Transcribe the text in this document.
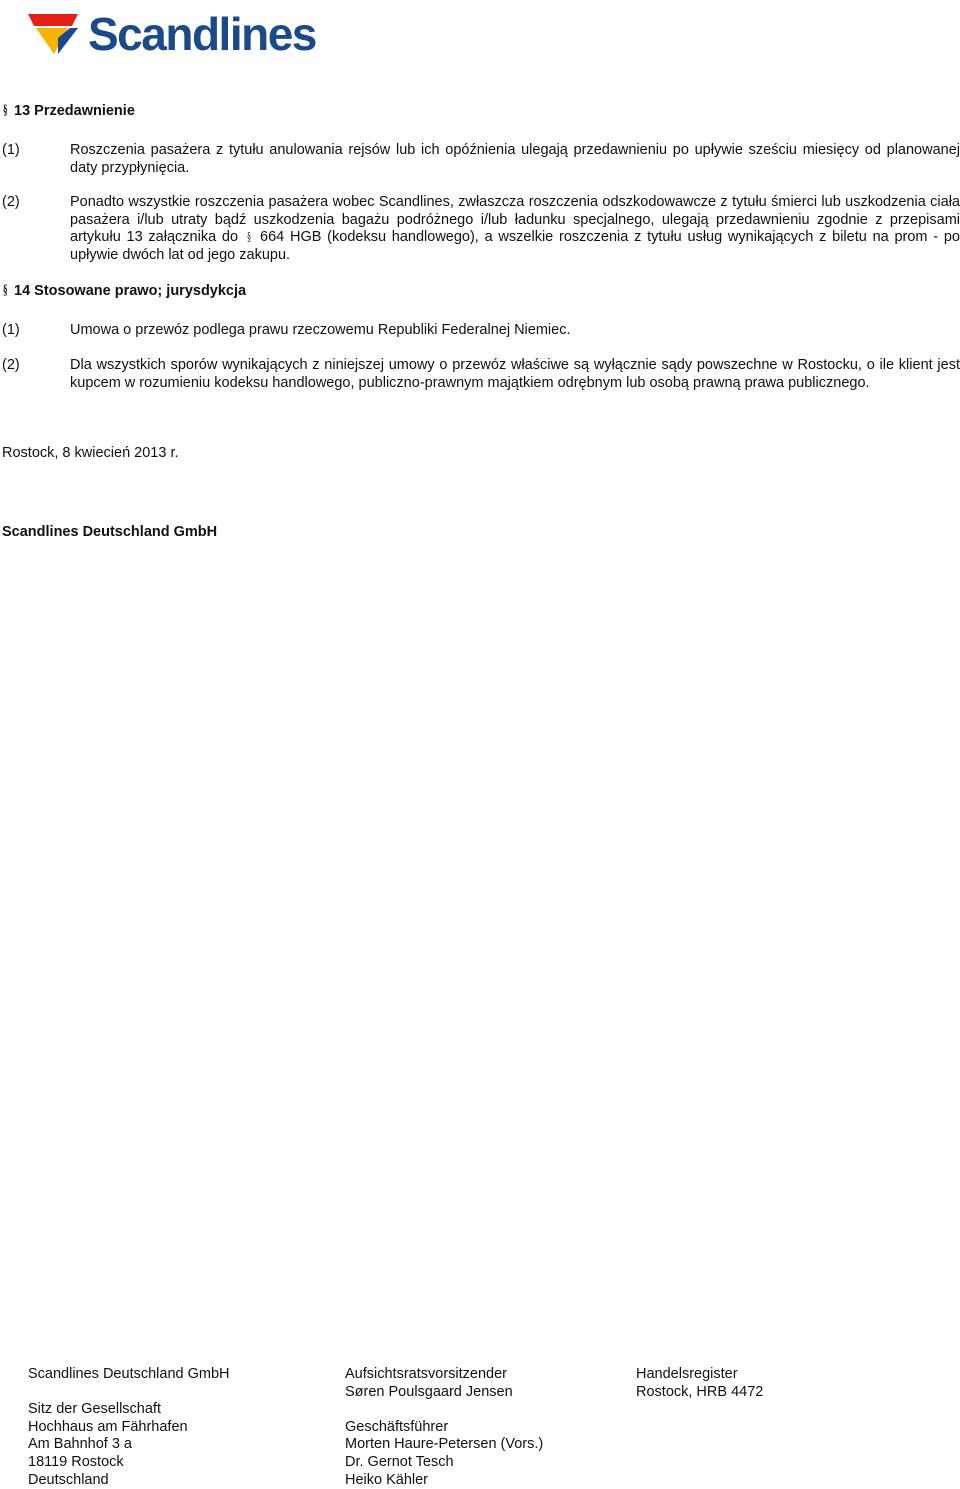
Scandlines
§ 13 Przedawnienie
(1)	Roszczenia pasażera z tytułu anulowania rejsów lub ich opóźnienia ulegają przedawnieniu po upływie sześciu miesięcy od planowanej daty przypłynięcia.
(2)	Ponadto wszystkie roszczenia pasażera wobec Scandlines, zwłaszcza roszczenia odszkodowawcze z tytułu śmierci lub uszkodzenia ciała pasażera i/lub utraty bądź uszkodzenia bagażu podróżnego i/lub ładunku specjalnego, ulegają przedawnieniu zgodnie z przepisami artykułu 13 załącznika do § 664 HGB (kodeksu handlowego), a wszelkie roszczenia z tytułu usług wynikających z biletu na prom - po upływie dwóch lat od jego zakupu.
§ 14 Stosowane prawo; jurysdykcja
(1)	Umowa o przewóz podlega prawu rzeczowemu Republiki Federalnej Niemiec.
(2)	Dla wszystkich sporów wynikających z niniejszej umowy o przewóz właściwe są wyłącznie sądy powszechne w Rostocku, o ile klient jest kupcem w rozumieniu kodeksu handlowego, publiczno-prawnym majątkiem odrębnym lub osobą prawną prawa publicznego.
Rostock, 8 kwiecień 2013 r.
Scandlines Deutschland GmbH
Scandlines Deutschland GmbH
Sitz der Gesellschaft
Hochhaus am Fährhafen
Am Bahnhof 3 a
18119 Rostock
Deutschland
Aufsichtsratsvorsitzender
Søren Poulsgaard Jensen
Geschäftsführer
Morten Haure-Petersen (Vors.)
Dr. Gernot Tesch
Heiko Kähler
Handelsregister
Rostock, HRB 4472
